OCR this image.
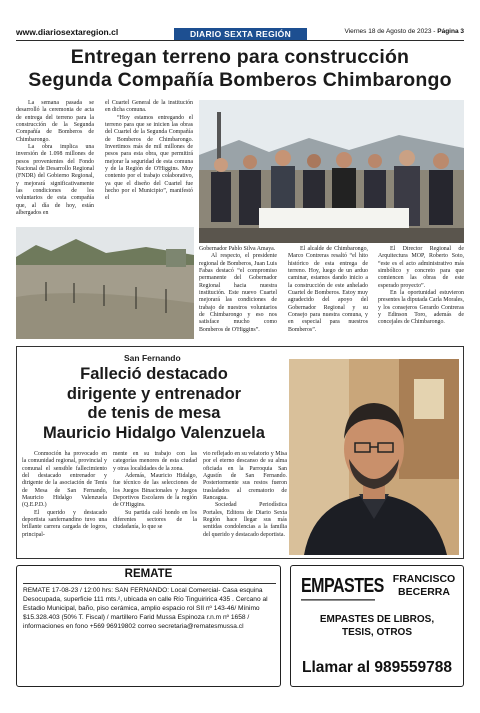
www.diariosextaregion.cl	DIARIO SEXTA REGIÓN	Viernes 18 de Agosto de 2023 - Página 3
Entregan terreno para construcción
Segunda Compañía Bomberos Chimbarongo

La semana pasada se desarrolló la ceremonia de acta de entrega del terreno para la construcción de la Segunda Compañía de Bomberos de Chimbarongo.

La obra implica una inversión de 1.098 millones de pesos provenientes del Fondo Nacional de Desarrollo Regional (FNDR) del Gobierno Regional, y mejorará significativamente las condiciones de los voluntarios de esta compañía que, al día de hoy, están albergados en

el Cuartel General de la institución en dicha comuna.

“Hoy estamos entregando el terreno para que se inicien las obras del Cuartel de la Segunda Compañía de Bomberos de Chimbarongo. Invertimos más de mil millones de pesos para esta obra, que permitirá mejorar la seguridad de esta comuna y de la Región de O'Higgins. Muy contento por el trabajo colaborativo, ya que el diseño del Cuartel fue hecho por el Municipio”, manifestó el

Gobernador Pablo Silva Amaya.

Al respecto, el presidente regional de Bomberos, Juan Luis Fabas destacó “el compromiso permanente del Gobernador Regional hacia nuestra institución. Este nuevo Cuartel mejorará las condiciones de trabajo de nuestros voluntarios de Chimbarongo y eso nos satisface mucho como Bomberos de O'Higgins”.

El alcalde de Chimbarongo, Marco Contreras resaltó “el hito histórico de esta entrega de terreno. Hoy, luego de un arduo caminar, estamos dando inicio a la construcción de este anhelado Cuartel de Bomberos. Estoy muy agradecido del apoyo del Gobernador Regional y su Consejo para nuestra comuna, y en especial para nuestros Bomberos”.

El Director Regional de Arquitectura MOP, Roberto Soto, “este es el acto administrativo más simbólico y concreto para que comiencen las obras de este esperado proyecto”.

En la oportunidad estuvieron presentes la diputada Carla Morales, y los consejeros Gerardo Contreras y Edinson Toro, además de concejales de Chimbarongo.

San Fernando
Falleció destacado
dirigente y entrenador
de tenis de mesa
Mauricio Hidalgo Valenzuela

Conmoción ha provocado en la comunidad regional, provincial y comunal el sensible fallecimiento del destacado entrenador y dirigente de la asociación de Tenis de Mesa de San Fernando, Mauricio Hidalgo Valenzuela (Q.E.P.D.)

El querido y destacado deportista sanfernandino tuvo una brillante carrera cargada de logros, principal-

mente en su trabajo con las categorías menores de esta ciudad y otras localidades de la zona.

Además, Mauricio Hidalgo, fue técnico de las selecciones de los Juegos Binacionales y Juegos Deportivos Escolares de la región de O'Higgins.

Su partida caló hondo en los diferentes sectores de la ciudadanía, lo que se

vio reflejado en su velatorio y Misa por el eterno descanso de su alma oficiada en la Parroquia San Agustín de San Fernando. Posteriormente sus restos fueron trasladados al crematorio de Rancagua.

Sociedad Periodística Portales, Editora de Diario Sexta Región hace llegar sus más sentidas condolencias a la familia del querido y destacado deportista.

REMATE
REMATE 17-08-23 / 12:00 hrs: SAN FERNANDO: Local Comercial- Casa esquina Desocupada, superficie 111 mts.², ubicada en calle Río Tinguiririca 435 . Cercano al Estadio Municipal, baño, piso cerámica, amplio espacio rol SII nº 143-46/ Mínimo $15.328.403 (50% T. Fiscal) / martillero Farid Mussa Espinoza r.n.m nº 1658 / informaciones en fono +569 96919802 correo secretaria@rematesmussa.cl
EMPASTES FRANCISCO
BECERRA
EMPASTES DE LIBROS,
TESIS, OTROS
Llamar al 989559788
